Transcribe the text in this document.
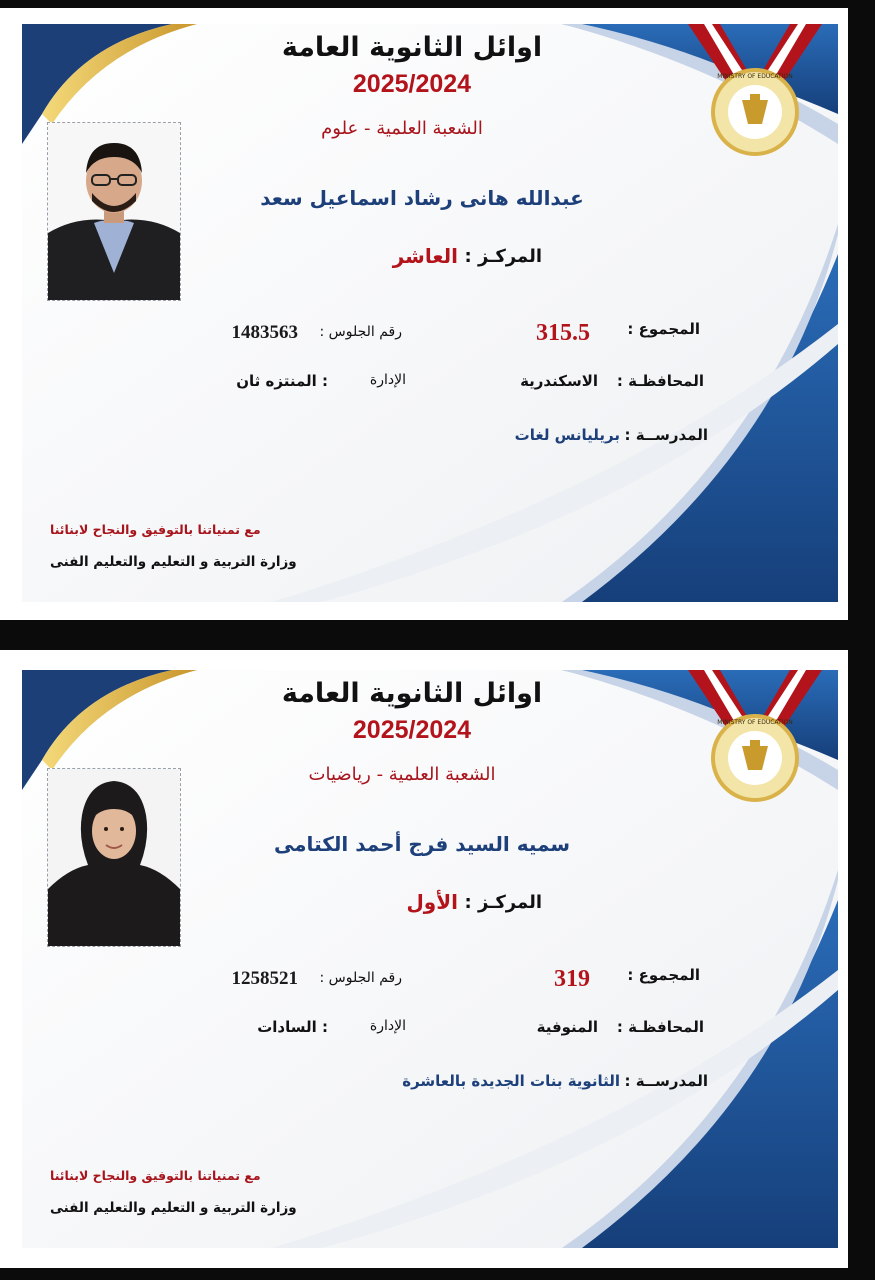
MINISTRY OF EDUCATION
اوائل الثانوية العامة
2025/2024
الشعبة العلمية - علوم
عبدالله هانى رشاد اسماعيل سعد
المركـز :
العاشر
المجموع :
315.5
رقم الجلوس :
1483563
المحافظـة :
الاسكندرية
الإدارة
: المنتزه ثان
المدرســة :
بريليانس لغات
مع تمنياتنا بالتوفيق والنجاح لابنائنا
وزارة التربية و التعليم والتعليم الفنى
MINISTRY OF EDUCATION
اوائل الثانوية العامة
2025/2024
الشعبة العلمية - رياضيات
سميه السيد فرج أحمد الكتامى
المركـز :
الأول
المجموع :
319
رقم الجلوس :
1258521
المحافظـة :
المنوفية
الإدارة
: السادات
المدرســة :
الثانوية بنات الجديدة بالعاشرة
مع تمنياتنا بالتوفيق والنجاح لابنائنا
وزارة التربية و التعليم والتعليم الفنى
